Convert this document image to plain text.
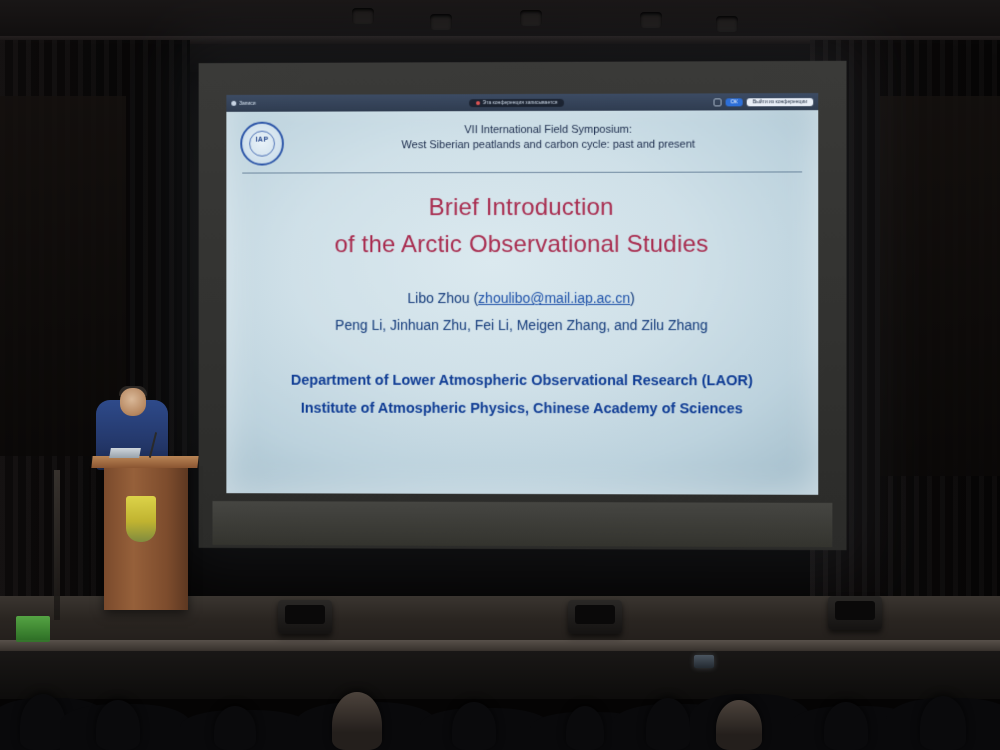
Записи	Эта конференция записывается	ОК	Выйти из конференции
IAP
VII International Field Symposium:
West Siberian peatlands and carbon cycle: past and present
Brief Introduction
of the Arctic Observational Studies
Libo Zhou (zhoulibo@mail.iap.ac.cn)
Peng Li, Jinhuan Zhu, Fei Li, Meigen Zhang, and Zilu Zhang
Department of Lower Atmospheric Observational Research (LAOR)
Institute of Atmospheric Physics, Chinese Academy of Sciences
